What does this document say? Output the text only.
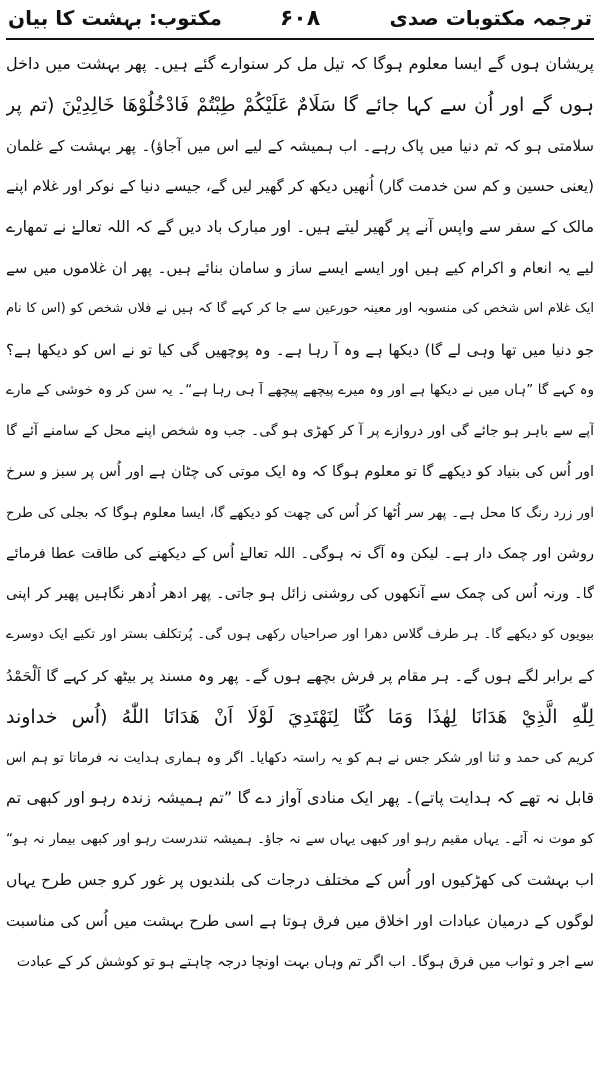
ترجمہ مکتوبات صدی
۶۰۸
مکتوب: بہشت کا بیان
پریشان ہوں گے ایسا معلوم ہوگا کہ تیل مل کر سنوارے گئے ہیں۔ پھر بہشت میں داخل
ہوں گے اور اُن سے کہا جائے گا سَلَامٌ عَلَيْكُمْ طِبْتُمْ فَادْخُلُوْهَا خَالِدِيْنَ (تم پر
سلامتی ہو کہ تم دنیا میں پاک رہے۔ اب ہمیشہ کے لیے اس میں آجاؤ)۔ پھر بہشت کے غلمان
(یعنی حسین و کم سن خدمت گار) اُنھیں دیکھ کر گھیر لیں گے، جیسے دنیا کے نوکر اور غلام اپنے
مالک کے سفر سے واپس آنے پر گھیر لیتے ہیں۔ اور مبارک باد دیں گے کہ اللہ تعالےٰ نے تمھارے
لیے یہ انعام و اکرام کیے ہیں اور ایسے ایسے ساز و سامان بنائے ہیں۔ پھر ان غلاموں میں سے
ایک غلام اس شخص کی منسوبہ اور معینہ حورعین سے جا کر کہے گا کہ ہیں نے فلاں شخص کو (اس کا نام
جو دنیا میں تھا وہی لے گا) دیکھا ہے وہ آ رہا ہے۔ وہ پوچھیں گی کیا تو نے اس کو دیکھا ہے؟
وہ کہے گا ”ہاں میں نے دیکھا ہے اور وہ میرے پیچھے پیچھے آ ہی رہا ہے“۔ یہ سن کر وہ خوشی کے مارے
آپے سے باہر ہو جائے گی اور دروازے پر آ کر کھڑی ہو گی۔ جب وہ شخص اپنے محل کے سامنے آئے گا
اور اُس کی بنیاد کو دیکھے گا تو معلوم ہوگا کہ وہ ایک موتی کی چٹان ہے اور اُس پر سبز و سرخ
اور زرد رنگ کا محل ہے۔ پھر سر اُٹھا کر اُس کی چھت کو دیکھے گا، ایسا معلوم ہوگا کہ بجلی کی طرح
روشن اور چمک دار ہے۔ لیکن وہ آگ نہ ہوگی۔ اللہ تعالےٰ اُس کے دیکھنے کی طاقت عطا فرمائے
گا۔ ورنہ اُس کی چمک سے آنکھوں کی روشنی زائل ہو جاتی۔ پھر ادھر اُدھر نگاہیں پھیر کر اپنی
بیویوں کو دیکھے گا۔ ہر طرف گلاس دھرا اور صراحیاں رکھی ہوں گی۔ پُرتکلف بستر اور تکیے ایک دوسرے
کے برابر لگے ہوں گے۔ ہر مقام پر فرش بچھے ہوں گے۔ پھر وہ مسند پر بیٹھ کر کہے گا اَلْحَمْدُ
لِلّٰهِ الَّذِيْ هَدَانَا لِهٰذَا وَمَا كُنَّا لِنَهْتَدِيَ لَوْلَا اَنْ هَدَانَا اللّٰهُ (اُس خداوند
کریم کی حمد و ثنا اور شکر جس نے ہم کو یہ راستہ دکھایا۔ اگر وہ ہماری ہدایت نہ فرماتا تو ہم اس
قابل نہ تھے کہ ہدایت پاتے)۔ پھر ایک منادی آواز دے گا ”تم ہمیشہ زندہ رہو اور کبھی تم
کو موت نہ آئے۔ یہاں مقیم رہو اور کبھی یہاں سے نہ جاؤ۔ ہمیشہ تندرست رہو اور کبھی بیمار نہ ہو“
اب بہشت کی کھڑکیوں اور اُس کے مختلف درجات کی بلندیوں پر غور کرو جس طرح یہاں
لوگوں کے درمیان عبادات اور اخلاق میں فرق ہوتا ہے اسی طرح بہشت میں اُس کی مناسبت
سے اجر و ثواب میں فرق ہوگا۔ اب اگر تم وہاں بہت اونچا درجہ چاہتے ہو تو کوشش کر کے عبادت
